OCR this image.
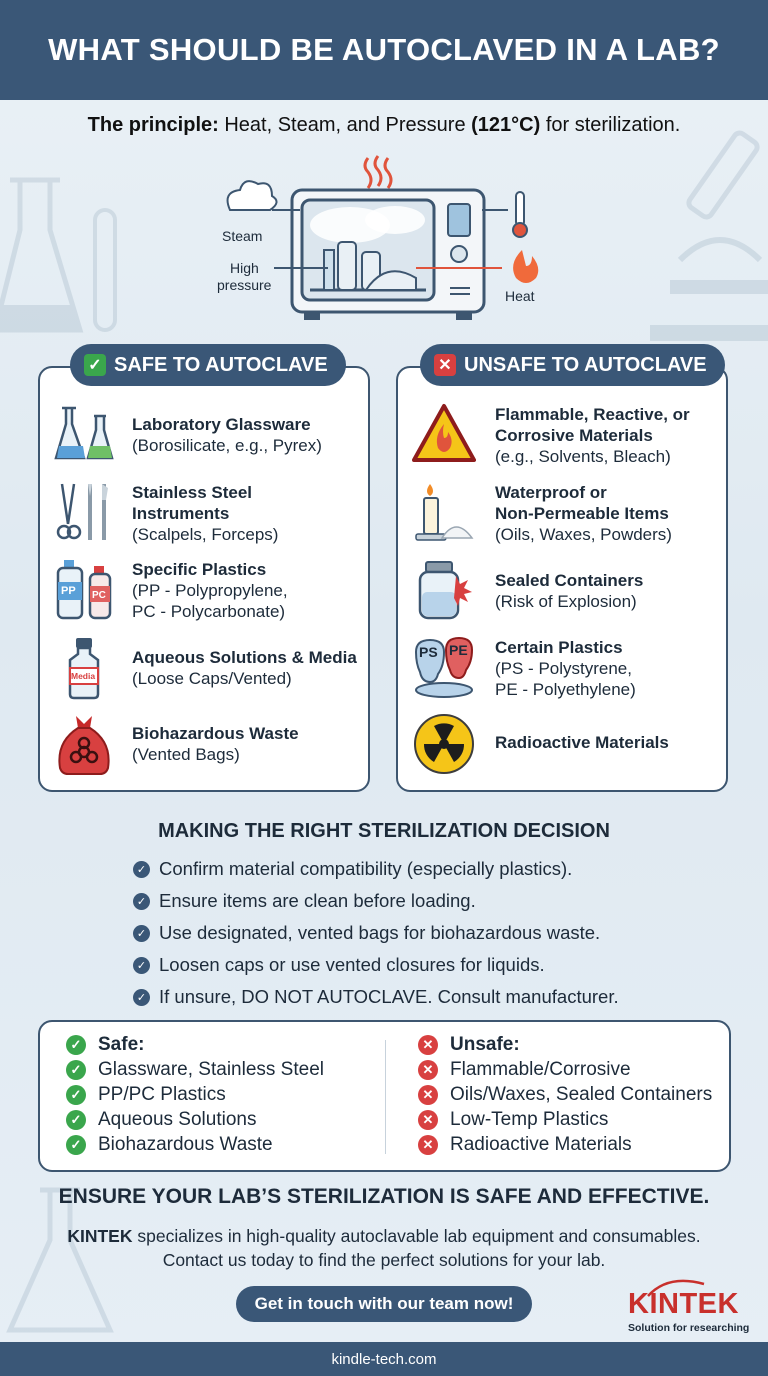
WHAT SHOULD BE AUTOCLAVED IN A LAB?
The principle: Heat, Steam, and Pressure (121°C) for sterilization.
Steam
High
pressure
Heat
✓ SAFE TO AUTOCLAVE
Laboratory Glassware
(Borosilicate, e.g., Pyrex)
Stainless Steel
Instruments
(Scalpels, Forceps)
PP PC
Specific Plastics
(PP - Polypropylene,
PC - Polycarbonate)
Media
Aqueous Solutions & Media
(Loose Caps/Vented)
Biohazardous Waste
(Vented Bags)
✕ UNSAFE TO AUTOCLAVE
Flammable, Reactive, or
Corrosive Materials
(e.g., Solvents, Bleach)
Waterproof or
Non-Permeable Items
(Oils, Waxes, Powders)
Sealed Containers
(Risk of Explosion)
PS PE Certain Plastics
(PS - Polystyrene,
PE - Polyethylene)
Radioactive Materials
MAKING THE RIGHT STERILIZATION DECISION
✓ Confirm material compatibility (especially plastics).
✓ Ensure items are clean before loading.
✓ Use designated, vented bags for biohazardous waste.
✓ Loosen caps or use vented closures for liquids.
✓ If unsure, DO NOT AUTOCLAVE. Consult manufacturer.
✓ Safe:
✓ Glassware, Stainless Steel
✓ PP/PC Plastics
✓ Aqueous Solutions
✓ Biohazardous Waste
✕ Unsafe:
✕ Flammable/Corrosive
✕ Oils/Waxes, Sealed Containers
✕ Low-Temp Plastics
✕ Radioactive Materials
ENSURE YOUR LAB’S STERILIZATION IS SAFE AND EFFECTIVE.
KINTEK specializes in high-quality autoclavable lab equipment and consumables.
Contact us today to find the perfect solutions for your lab.
Get in touch with our team now!	KINTEK
Solution for researching
kindle-tech.com
